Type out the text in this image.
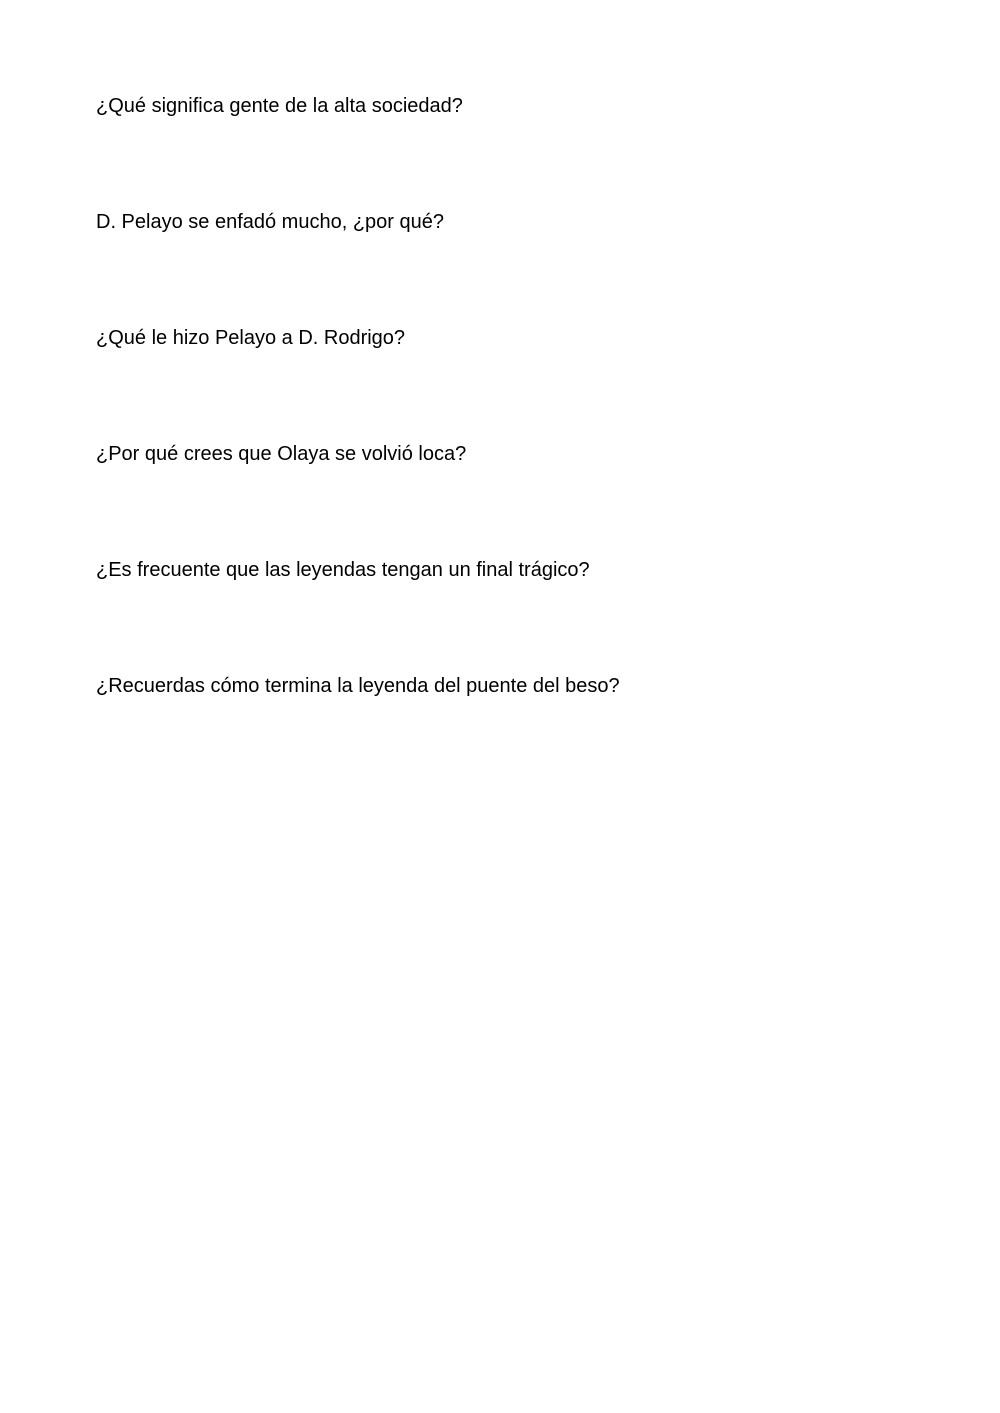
¿Qué significa gente de la alta sociedad?

D. Pelayo se enfadó mucho, ¿por qué?

¿Qué le hizo Pelayo a D. Rodrigo?

¿Por qué crees que Olaya se volvió loca?

¿Es frecuente que las leyendas tengan un final trágico?

¿Recuerdas cómo termina la leyenda del puente del beso?
